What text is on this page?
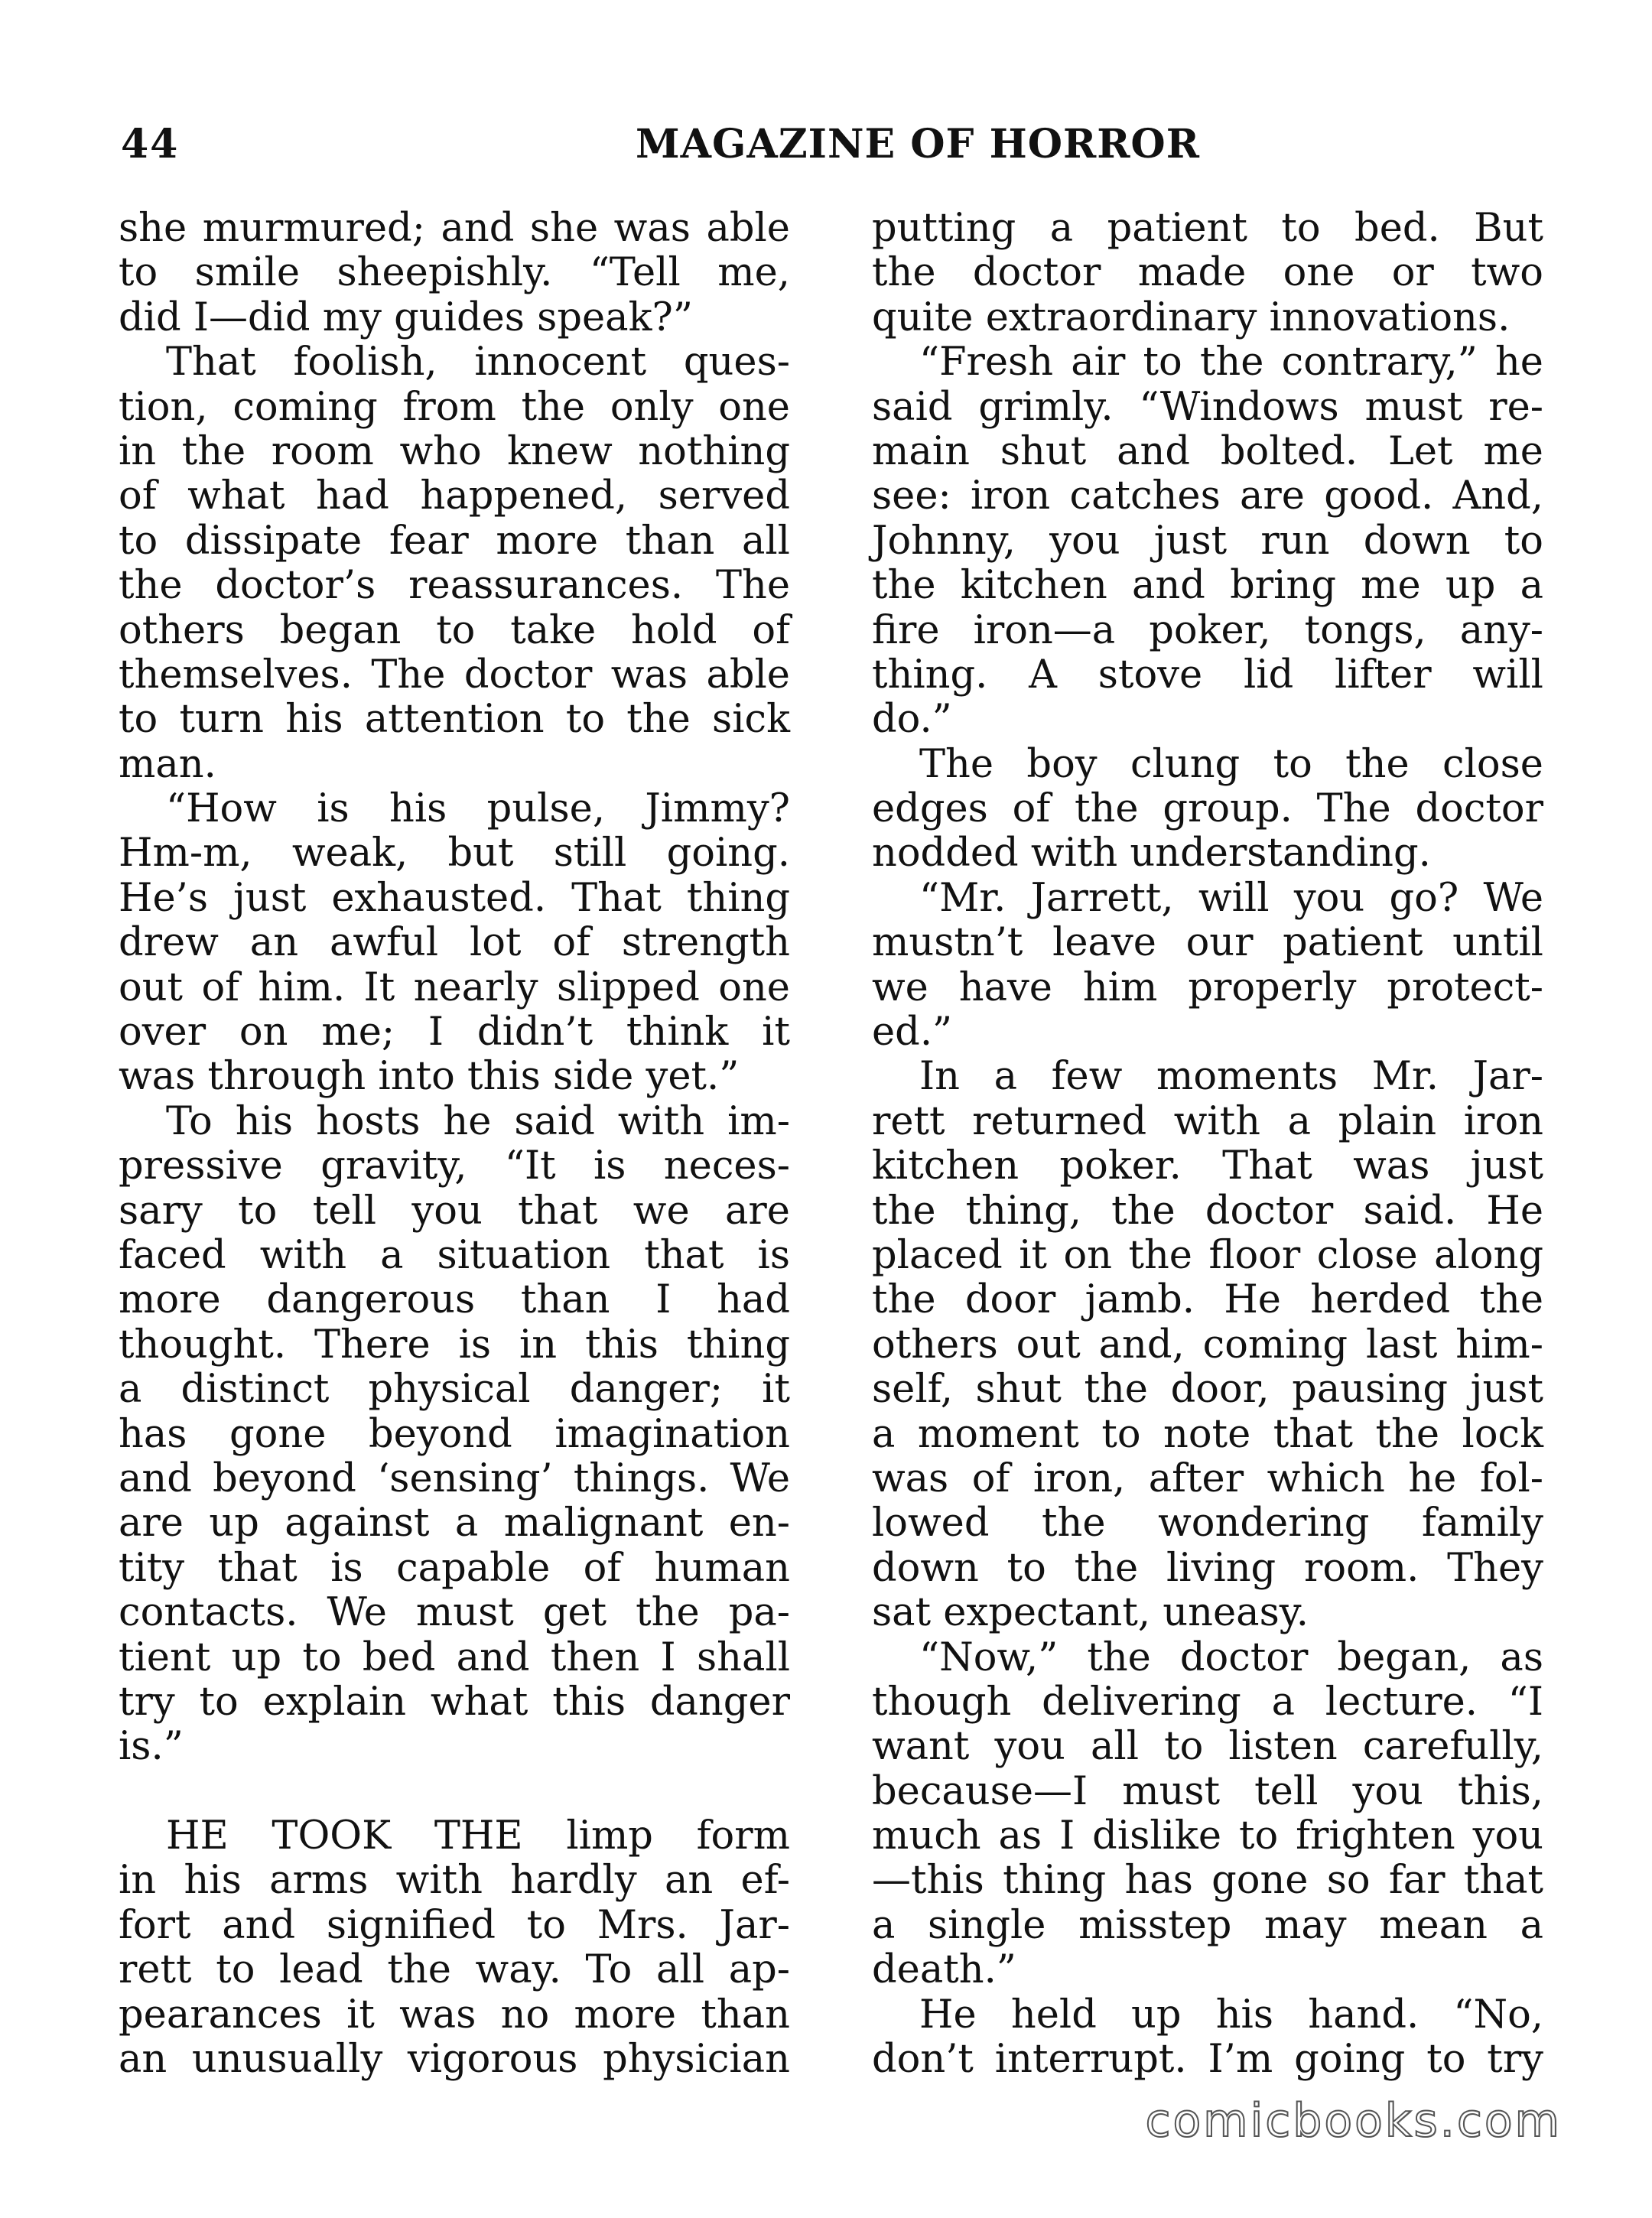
44	MAGAZINE OF HORROR
she murmured; and she was able
to smile sheepishly. “Tell me,
did I—did my guides speak?”
That foolish, innocent ques-
tion, coming from the only one
in the room who knew nothing
of what had happened, served
to dissipate fear more than all
the doctor’s reassurances. The
others began to take hold of
themselves. The doctor was able
to turn his attention to the sick
man.
“How is his pulse, Jimmy?
Hm-m, weak, but still going.
He’s just exhausted. That thing
drew an awful lot of strength
out of him. It nearly slipped one
over on me; I didn’t think it
was through into this side yet.”
To his hosts he said with im-
pressive gravity, “It is neces-
sary to tell you that we are
faced with a situation that is
more dangerous than I had
thought. There is in this thing
a distinct physical danger; it
has gone beyond imagination
and beyond ‘sensing’ things. We
are up against a malignant en-
tity that is capable of human
contacts. We must get the pa-
tient up to bed and then I shall
try to explain what this danger
is.”
HE TOOK THE limp form
in his arms with hardly an ef-
fort and signified to Mrs. Jar-
rett to lead the way. To all ap-
pearances it was no more than
an unusually vigorous physician
putting a patient to bed. But
the doctor made one or two
quite extraordinary innovations.
“Fresh air to the contrary,” he
said grimly. “Windows must re-
main shut and bolted. Let me
see: iron catches are good. And,
Johnny, you just run down to
the kitchen and bring me up a
fire iron—a poker, tongs, any-
thing. A stove lid lifter will
do.”
The boy clung to the close
edges of the group. The doctor
nodded with understanding.
“Mr. Jarrett, will you go? We
mustn’t leave our patient until
we have him properly protect-
ed.”
In a few moments Mr. Jar-
rett returned with a plain iron
kitchen poker. That was just
the thing, the doctor said. He
placed it on the floor close along
the door jamb. He herded the
others out and, coming last him-
self, shut the door, pausing just
a moment to note that the lock
was of iron, after which he fol-
lowed the wondering family
down to the living room. They
sat expectant, uneasy.
“Now,” the doctor began, as
though delivering a lecture. “I
want you all to listen carefully,
because—I must tell you this,
much as I dislike to frighten you
—this thing has gone so far that
a single misstep may mean a
death.”
He held up his hand. “No,
don’t interrupt. I’m going to try
comicbooks.com
